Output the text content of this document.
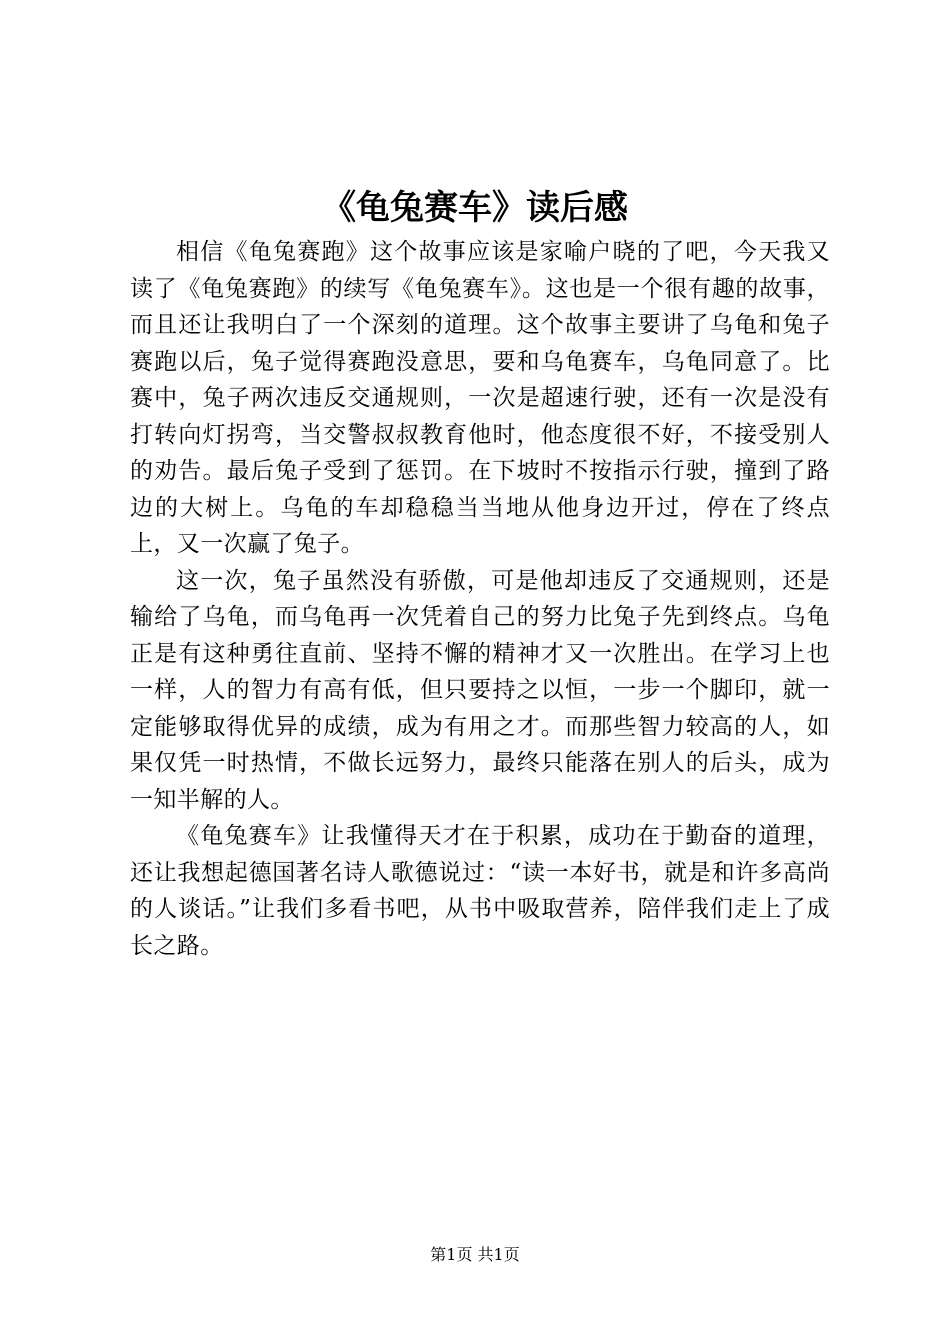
《龟兔赛车》读后感

相信《龟兔赛跑》这个故事应该是家喻户晓的了吧，今天我又读了《龟兔赛跑》的续写《龟兔赛车》。这也是一个很有趣的故事，而且还让我明白了一个深刻的道理。这个故事主要讲了乌龟和兔子赛跑以后，兔子觉得赛跑没意思，要和乌龟赛车，乌龟同意了。比赛中，兔子两次违反交通规则，一次是超速行驶，还有一次是没有打转向灯拐弯，当交警叔叔教育他时，他态度很不好，不接受别人的劝告。最后兔子受到了惩罚。在下坡时不按指示行驶，撞到了路边的大树上。乌龟的车却稳稳当当地从他身边开过，停在了终点上，又一次赢了兔子。

这一次，兔子虽然没有骄傲，可是他却违反了交通规则，还是输给了乌龟，而乌龟再一次凭着自己的努力比兔子先到终点。乌龟正是有这种勇往直前、坚持不懈的精神才又一次胜出。在学习上也一样，人的智力有高有低，但只要持之以恒，一步一个脚印，就一定能够取得优异的成绩，成为有用之才。而那些智力较高的人，如果仅凭一时热情，不做长远努力，最终只能落在别人的后头，成为一知半解的人。

《龟兔赛车》让我懂得天才在于积累，成功在于勤奋的道理，还让我想起德国著名诗人歌德说过：“读一本好书，就是和许多高尚的人谈话。”让我们多看书吧，从书中吸取营养，陪伴我们走上了成长之路。

第1页 共1页
